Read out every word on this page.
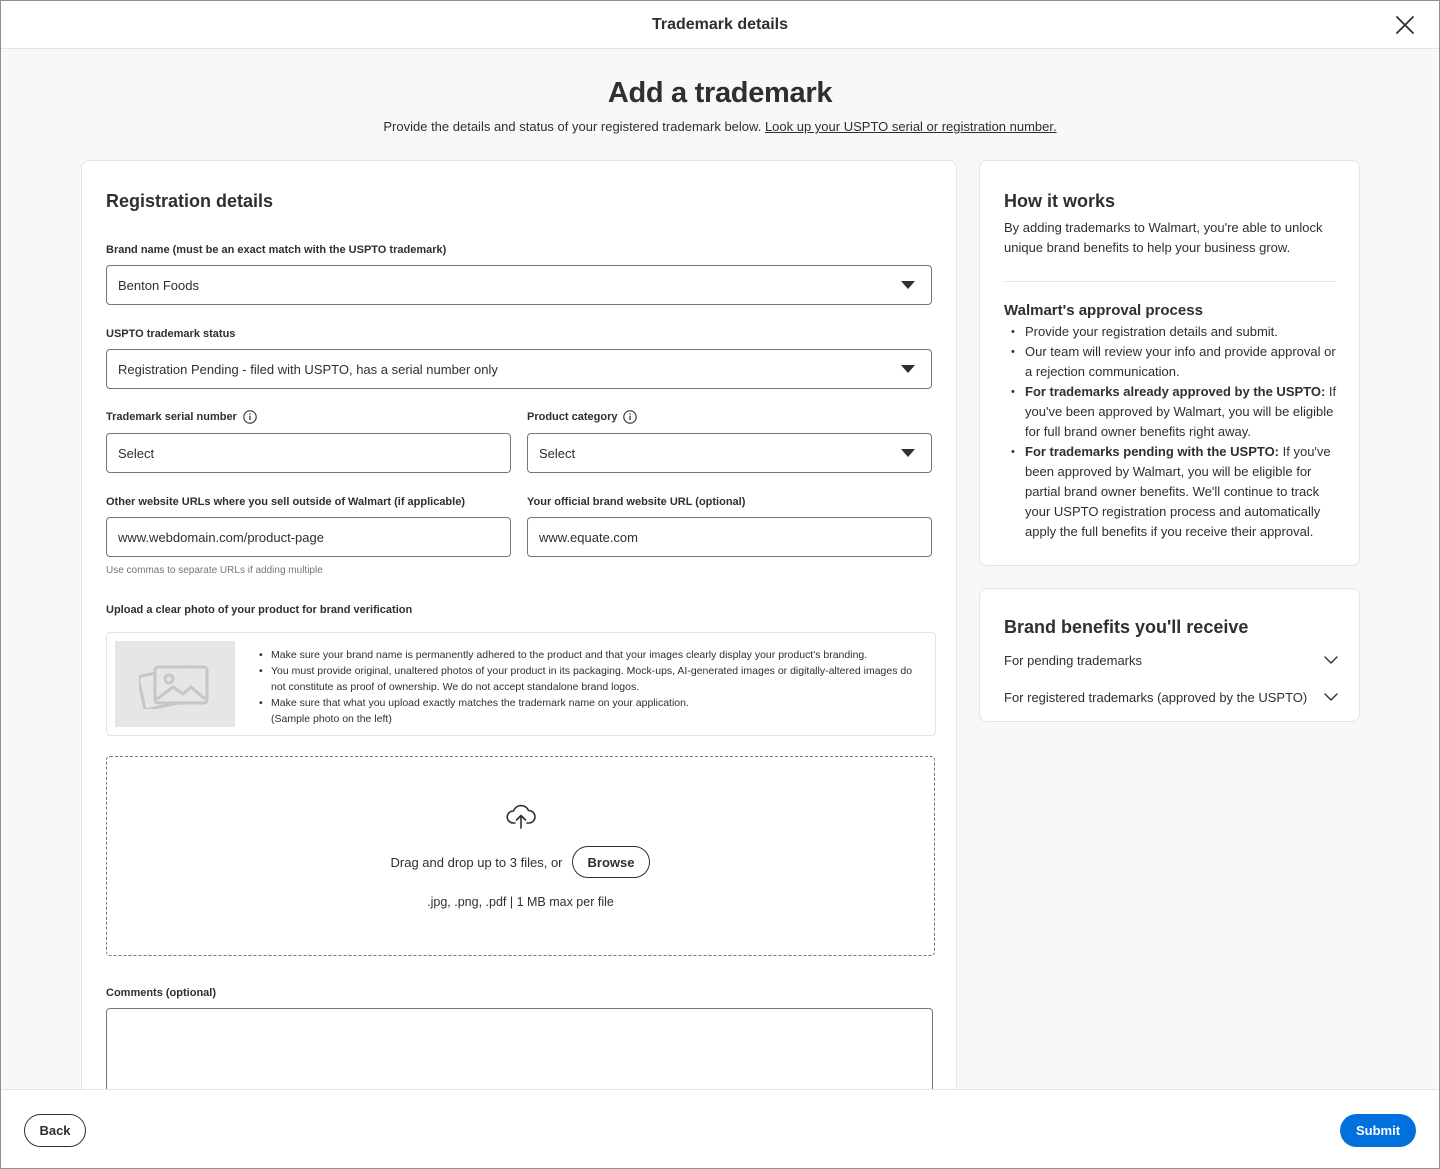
Trademark details
Add a trademark

Provide the details and status of your registered trademark below. Look up your USPTO serial or registration number.

Registration details
Brand name (must be an exact match with the USPTO trademark)
Benton Foods
USPTO trademark status
Registration Pending - filed with USPTO, has a serial number only
Trademark serial number
Select
Product category
Select
Other website URLs where you sell outside of Walmart (if applicable)
www.webdomain.com/product-page
Use commas to separate URLs if adding multiple
Your official brand website URL (optional)
www.equate.com
Upload a clear photo of your product for brand verification
• Make sure your brand name is permanently adhered to the product and that your images clearly display your product's branding.
• You must provide original, unaltered photos of your product in its packaging. Mock-ups, AI-generated images or digitally-altered images do not constitute as proof of ownership. We do not accept standalone brand logos.
• Make sure that what you upload exactly matches the trademark name on your application.
(Sample photo on the left)
Drag and drop up to 3 files, or	Browse
.jpg, .png, .pdf | 1 MB max per file
Comments (optional)
How it works
By adding trademarks to Walmart, you're able to unlock unique brand benefits to help your business grow.
Walmart's approval process
• Provide your registration details and submit.
• Our team will review your info and provide approval or a rejection communication.
• For trademarks already approved by the USPTO: If you've been approved by Walmart, you will be eligible for full brand owner benefits right away.
• For trademarks pending with the USPTO: If you've been approved by Walmart, you will be eligible for partial brand owner benefits. We'll continue to track your USPTO registration process and automatically apply the full benefits if you receive their approval.
Brand benefits you'll receive
For pending trademarks
For registered trademarks (approved by the USPTO)
Back	Submit
